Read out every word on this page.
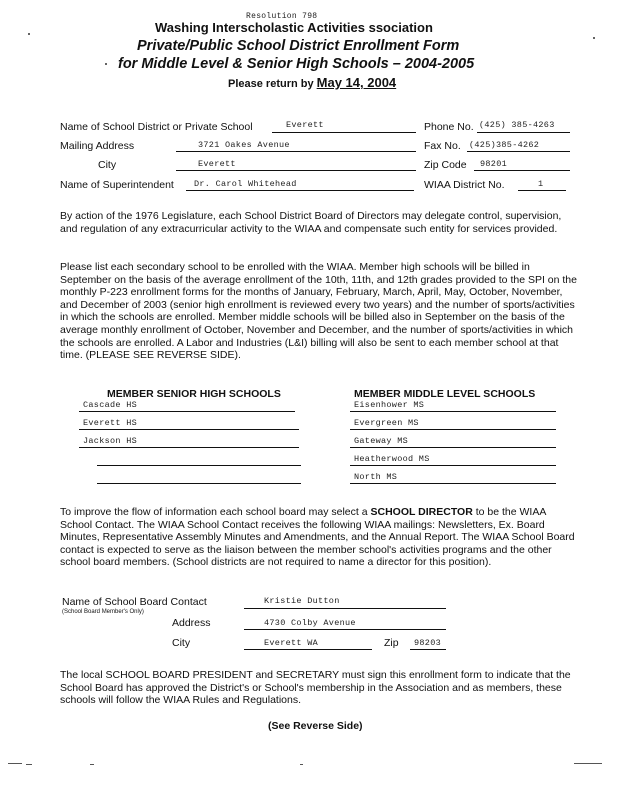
Resolution 798
Washing Interscholastic Activities ssociation
Private/Public School District Enrollment Form
for Middle Level & Senior High Schools – 2004-2005
Please return by May 14, 2004
Name of School District or Private School	Everett	Phone No. (425) 385-4263
Mailing Address	3721 Oakes Avenue	Fax No. (425)385-4262
City	Everett	Zip Code 98201
Name of Superintendent Dr. Carol Whitehead	WIAA District No.	1
By action of the 1976 Legislature, each School District Board of Directors may delegate control, supervision, and regulation of any extracurricular activity to the WIAA and compensate such entity for services provided.
Please list each secondary school to be enrolled with the WIAA. Member high schools will be billed in September on the basis of the average enrollment of the 10th, 11th, and 12th grades provided to the SPI on the monthly P-223 enrollment forms for the months of January, February, March, April, May, October, November, and December of 2003 (senior high enrollment is reviewed every two years) and the number of sports/activities in which the schools are enrolled. Member middle schools will be billed also in September on the basis of the average monthly enrollment of October, November and December, and the number of sports/activities in which the schools are enrolled. A Labor and Industries (L&I) billing will also be sent to each member school at that time. (PLEASE SEE REVERSE SIDE).
MEMBER SENIOR HIGH SCHOOLS	MEMBER MIDDLE LEVEL SCHOOLS
Cascade HS
Everett HS
Jackson HS
Eisenhower MS
Evergreen MS
Gateway MS
Heatherwood MS
North MS
To improve the flow of information each school board may select a SCHOOL DIRECTOR to be the WIAA School Contact. The WIAA School Contact receives the following WIAA mailings: Newsletters, Ex. Board Minutes, Representative Assembly Minutes and Amendments, and the Annual Report. The WIAA School Board contact is expected to serve as the liaison between the member school's activities programs and the other school board members. (School districts are not required to name a director for this position).
Name of School Board Contact
(School Board Member's Only)
Kristie Dutton
Address	4730 Colby Avenue
City	Everett WA	Zip 98203
The local SCHOOL BOARD PRESIDENT and SECRETARY must sign this enrollment form to indicate that the School Board has approved the District's or School's membership in the Association and as members, these schools will follow the WIAA Rules and Regulations.
(See Reverse Side)
